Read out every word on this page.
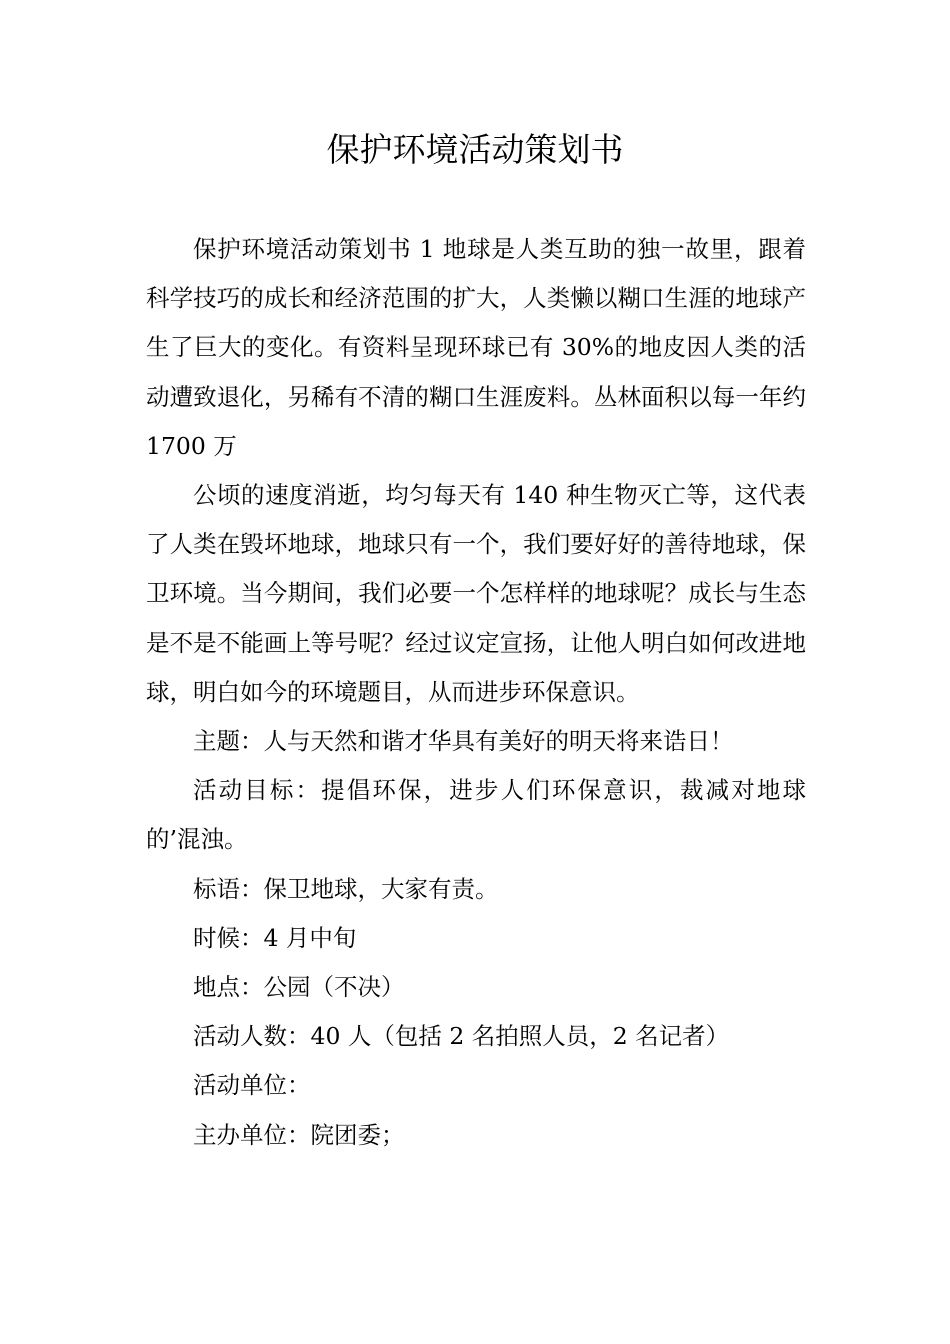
保护环境活动策划书

保护环境活动策划书 1 地球是人类互助的独一故里，跟着科学技巧的成长和经济范围的扩大，人类懒以糊口生涯的地球产生了巨大的变化。有资料呈现环球已有 30%的地皮因人类的活动遭致退化，另稀有不清的糊口生涯废料。丛林面积以每一年约 1700 万

公顷的速度消逝，均匀每天有 140 种生物灭亡等，这代表了人类在毁坏地球，地球只有一个，我们要好好的善待地球，保卫环境。当今期间，我们必要一个怎样样的地球呢？成长与生态是不是不能画上等号呢？经过议定宣扬，让他人明白如何改进地球，明白如今的环境题目，从而进步环保意识。

主题：人与天然和谐才华具有美好的明天将来诰日！

活动目标：提倡环保，进步人们环保意识，裁减对地球的’混浊。

标语：保卫地球，大家有责。

时候：4 月中旬

地点：公园（不决）

活动人数：40 人（包括 2 名拍照人员，2 名记者）

活动单位：

主办单位：院团委；
